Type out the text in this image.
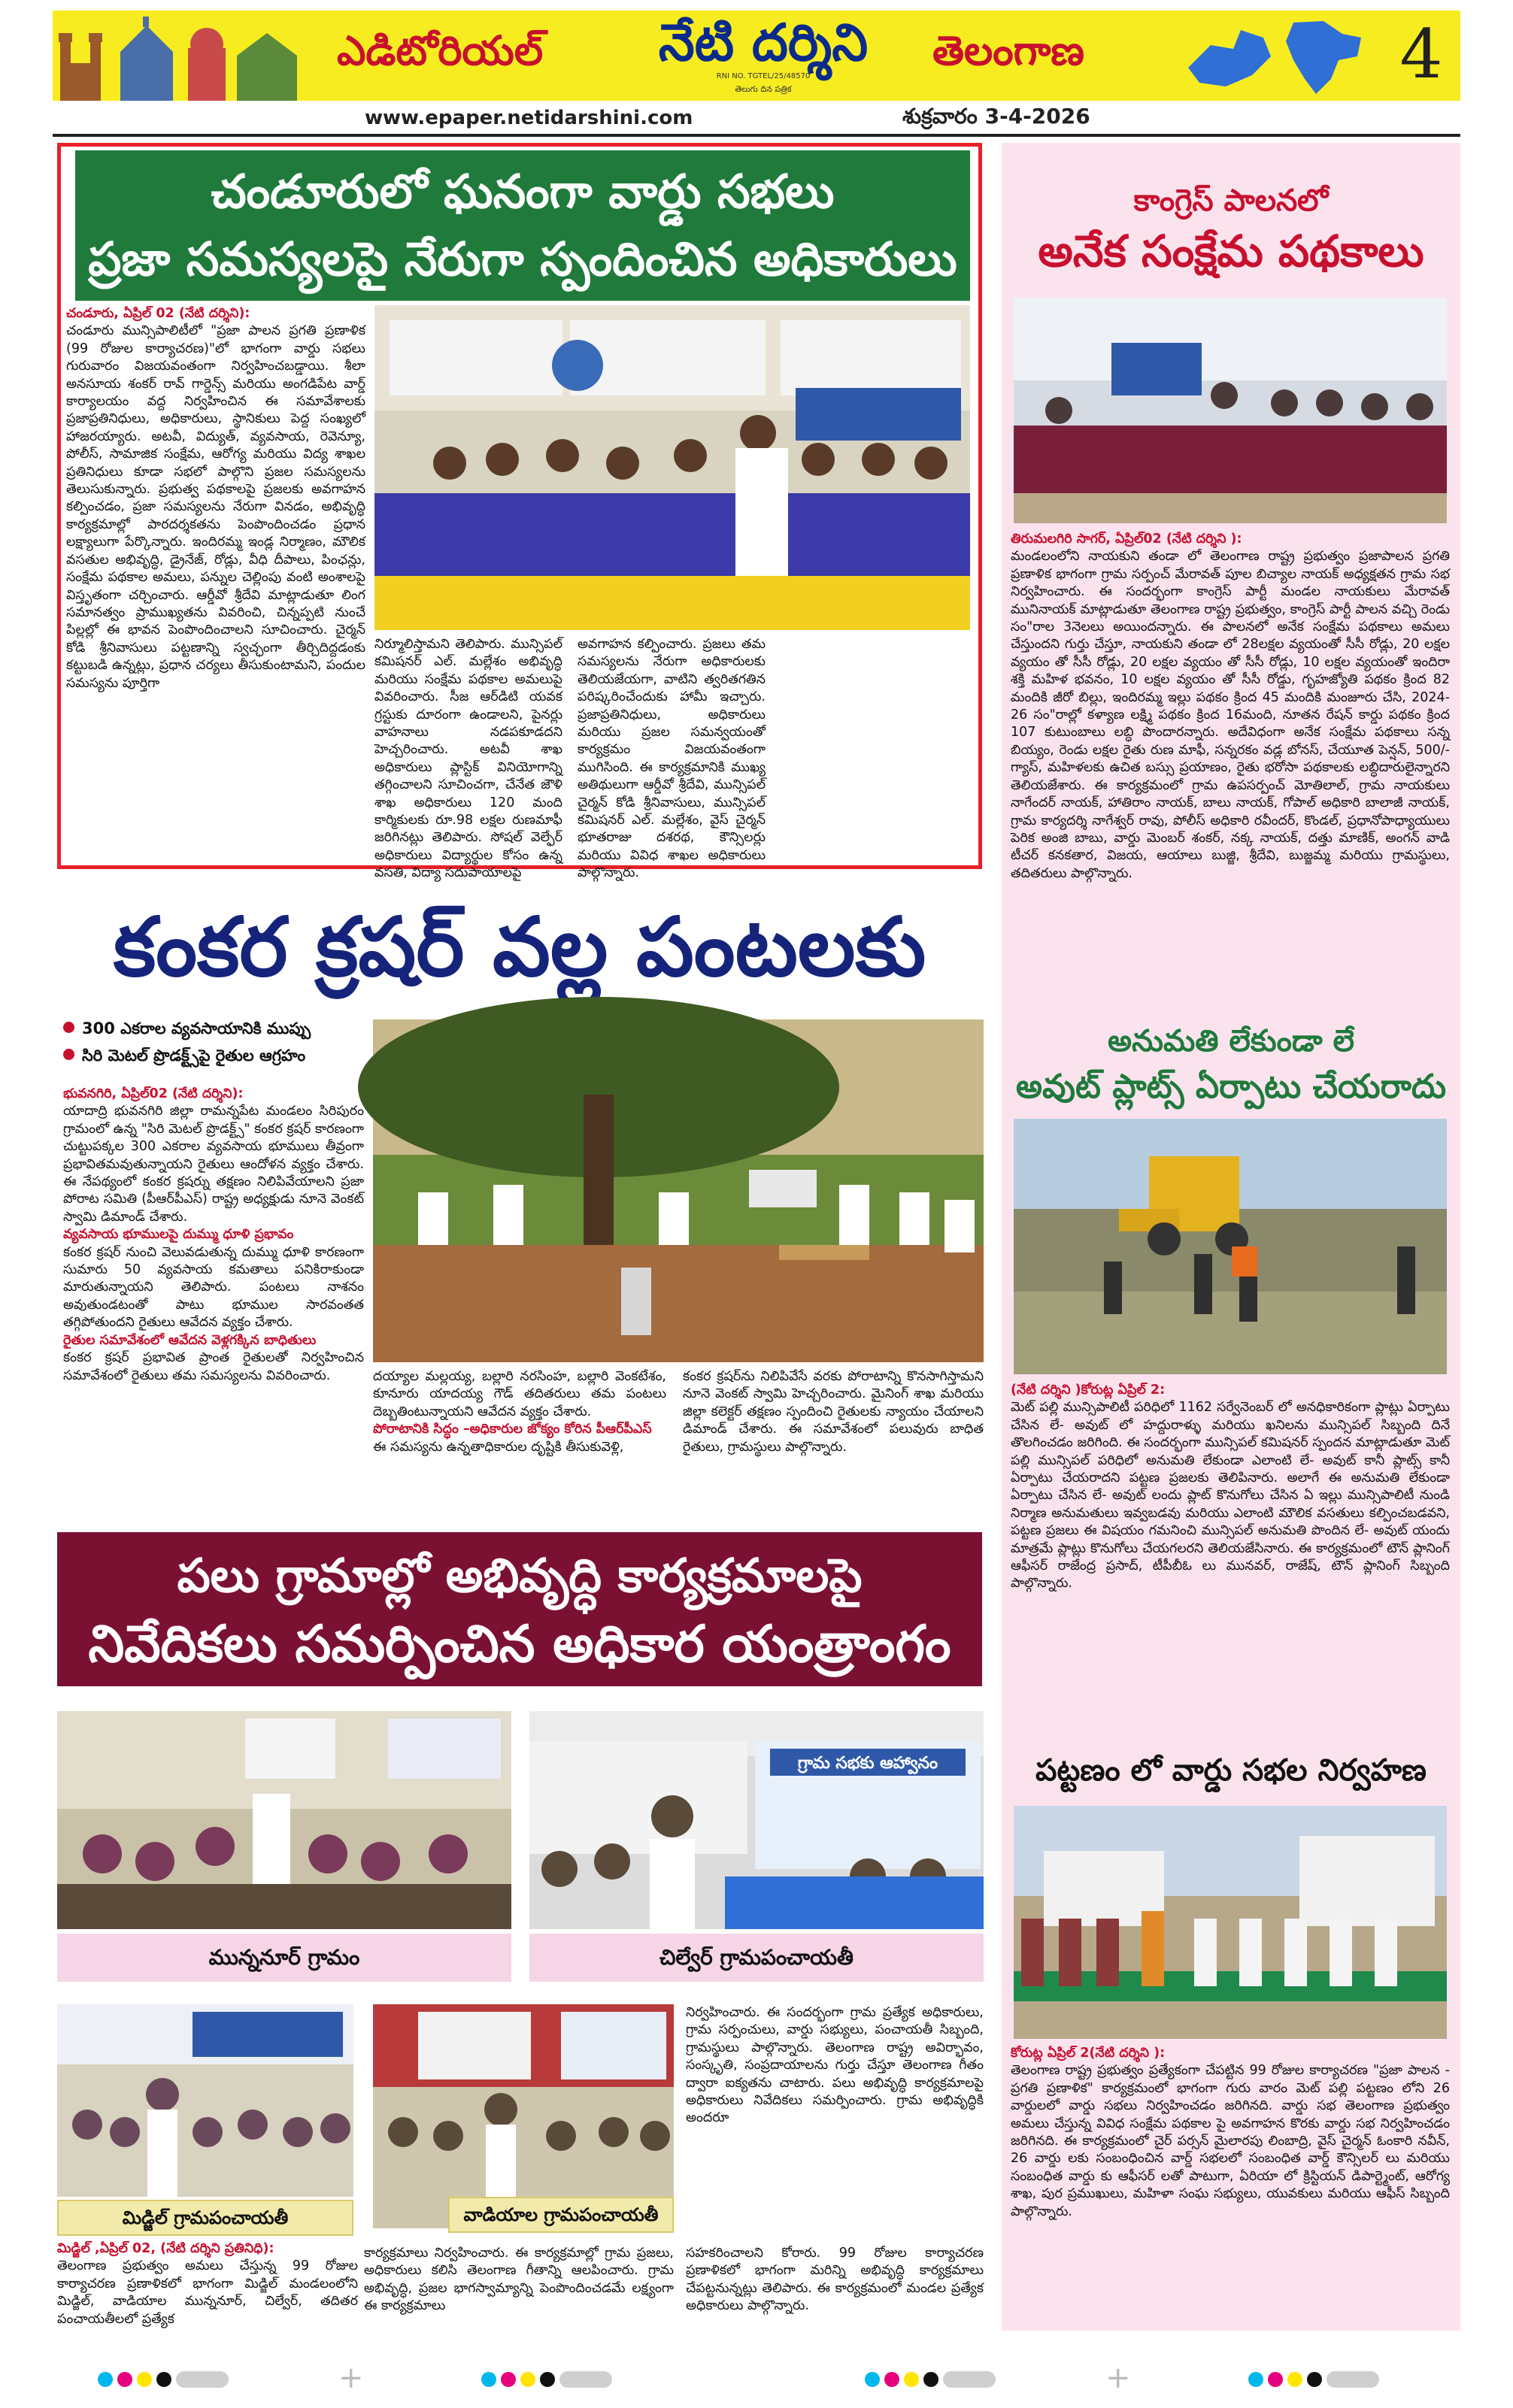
ఎడిటోరియల్	నేటి దర్శిని
RNI NO. TGTEL/25/48570
తెలుగు దిన పత్రిక
తెలంగాణ	4
www.epaper.netidarshini.com	శుక్రవారం 3-4-2026
చండూరులో ఘనంగా వార్డు సభలు
ప్రజా సమస్యలపై నేరుగా స్పందించిన అధికారులు
చండూరు, ఏప్రిల్ 02 (నేటి దర్శిని):
చండూరు మున్సిపాలిటీలో "ప్రజా పాలన ప్రగతి ప్రణాళిక (99 రోజుల కార్యాచరణ)"లో భాగంగా వార్డు సభలు గురువారం విజయవంతంగా నిర్వహించబడ్డాయి. శీలా అనసూయ శంకర్ రావ్ గార్డెన్స్ మరియు అంగడిపేట వార్డ్ కార్యాలయం వద్ద నిర్వహించిన ఈ సమావేశాలకు ప్రజాప్రతినిధులు, అధికారులు, స్థానికులు పెద్ద సంఖ్యలో హాజరయ్యారు. అటవీ, విద్యుత్, వ్యవసాయ, రెవెన్యూ, పోలీస్, సామాజిక సంక్షేమ, ఆరోగ్య మరియు విద్య శాఖల ప్రతినిధులు కూడా సభలో పాల్గొని ప్రజల సమస్యలను తెలుసుకున్నారు. ప్రభుత్వ పథకాలపై ప్రజలకు అవగాహన కల్పించడం, ప్రజా సమస్యలను నేరుగా వినడం, అభివృద్ధి కార్యక్రమాల్లో పారదర్శకతను పెంపొందించడం ప్రధాన లక్ష్యాలుగా పేర్కొన్నారు. ఇందిరమ్మ ఇండ్ల నిర్మాణం, మౌలిక వసతుల అభివృద్ధి, డ్రైనేజ్, రోడ్లు, వీధి దీపాలు, పింఛన్లు, సంక్షేమ పథకాల అమలు, పన్నుల చెల్లింపు వంటి అంశాలపై విస్తృతంగా చర్చించారు. ఆర్డీవో శ్రీదేవి మాట్లాడుతూ లింగ సమానత్వం ప్రాముఖ్యతను వివరించి, చిన్నప్పటి నుంచే పిల్లల్లో ఈ భావన పెంపొందించాలని సూచించారు. చైర్మన్ కోడి శ్రీనివాసులు పట్టణాన్ని స్వచ్ఛంగా తీర్చిదిద్దడంకు కట్టుబడి ఉన్నట్లు, ప్రధాన చర్యలు తీసుకుంటామని, పందుల సమస్యను పూర్తిగా
నిర్మూలిస్తామని తెలిపారు. మున్సిపల్ కమిషనర్ ఎల్. మల్లేశం అభివృద్ధి మరియు సంక్షేమ పథకాల అమలుపై వివరించారు. సీజ ఆర్‌డిటి యవక గ్రస్టుకు దూరంగా ఉండాలని, పైనర్లు వాహనాలు నడపకూడదని హెచ్చరించారు. అటవీ శాఖ అధికారులు ప్లాస్టిక్ వినియోగాన్ని తగ్గించాలని సూచించగా, చేనేత జౌళి శాఖ అధికారులు 120 మంది కార్మికులకు రూ.98 లక్షల రుణమాఫీ జరిగినట్లు తెలిపారు. సోషల్ వెల్ఫేర్ అధికారులు విద్యార్థుల కోసం ఉన్న వసతి, విద్యా సదుపాయాలపై
అవగాహన కల్పించారు. ప్రజలు తమ సమస్యలను నేరుగా అధికారులకు తెలియజేయగా, వాటిని త్వరితగతిన పరిష్కరించేందుకు హామీ ఇచ్చారు. ప్రజాప్రతినిధులు, అధికారులు మరియు ప్రజల సమన్వయంతో కార్యక్రమం విజయవంతంగా ముగిసింది. ఈ కార్యక్రమానికి ముఖ్య అతిథులుగా ఆర్డీవో శ్రీదేవి, మున్సిపల్ చైర్మన్ కోడి శ్రీనివాసులు, మున్సిపల్ కమిషనర్ ఎల్. మల్లేశం, వైస్ చైర్మన్ భూతరాజు దశరథ, కౌన్సిలర్లు మరియు వివిధ శాఖల అధికారులు పాల్గొన్నారు.
కంకర క్రషర్ వల్ల పంటలకు
300 ఎకరాల వ్యవసాయానికి ముప్పు
సిరి మెటల్ ప్రొడక్ట్స్‌పై రైతుల ఆగ్రహం
భువనగిరి, ఏప్రిల్02 (నేటి దర్శిని):
యాదాద్రి భువనగిరి జిల్లా రామన్నపేట మండలం సిరిపురం గ్రామంలో ఉన్న "సిరి మెటల్ ప్రొడక్ట్స్" కంకర క్రషర్ కారణంగా చుట్టుపక్కల 300 ఎకరాల వ్యవసాయ భూములు తీవ్రంగా ప్రభావితమవుతున్నాయని రైతులు ఆందోళన వ్యక్తం చేశారు. ఈ నేపథ్యంలో కంకర క్రషర్ను తక్షణం నిలిపివేయాలని ప్రజా పోరాట సమితి (పీఆర్‌పీఎస్) రాష్ట్ర అధ్యక్షుడు నూనె వెంకట్ స్వామి డిమాండ్ చేశారు.
వ్యవసాయ భూములపై దుమ్ము ధూళి ప్రభావం
కంకర క్రషర్ నుంచి వెలువడుతున్న దుమ్ము ధూళి కారణంగా సుమారు 50 వ్యవసాయ కమతాలు పనికిరాకుండా మారుతున్నాయని తెలిపారు. పంటలు నాశనం అవుతుండటంతో పాటు భూముల సారవంతత తగ్గిపోతుందని రైతులు ఆవేదన వ్యక్తం చేశారు.
రైతుల సమావేశంలో ఆవేదన వెళ్లగక్కిన బాధితులు
కంకర క్రషర్ ప్రభావిత ప్రాంత రైతులతో నిర్వహించిన సమావేశంలో రైతులు తమ సమస్యలను వివరించారు.	దయ్యాల మల్లయ్య, బల్లారి నరసింహ, బల్లారి వెంకటేశం, కూనూరు యాదయ్య గౌడ్ తదితరులు తమ పంటలు దెబ్బతింటున్నాయని ఆవేదన వ్యక్తం చేశారు.
పోరాటానికి సిద్ధం –అధికారుల జోక్యం కోరిన పీఆర్‌పీఎస్
ఈ సమస్యను ఉన్నతాధికారుల దృష్టికి తీసుకువెళ్లి,
కంకర క్రషర్‌ను నిలిపివేసే వరకు పోరాటాన్ని కొనసాగిస్తామని నూనె వెంకట్ స్వామి హెచ్చరించారు. మైనింగ్ శాఖ మరియు జిల్లా కలెక్టర్ తక్షణం స్పందించి రైతులకు న్యాయం చేయాలని డిమాండ్ చేశారు. ఈ సమావేశంలో పలువురు బాధిత రైతులు, గ్రామస్థులు పాల్గొన్నారు.
పలు గ్రామాల్లో అభివృద్ధి కార్యక్రమాలపై
నివేదికలు సమర్పించిన అధికార యంత్రాంగం
మున్ననూర్ గ్రామం
గ్రామ సభకు ఆహ్వానం
చిల్వేర్ గ్రామపంచాయతీ
మిడ్జిల్ గ్రామపంచాయతీ	వాడియాల గ్రామపంచాయతీ
మిడ్జిల్ ,ఏప్రిల్ 02, (నేటి దర్శిని ప్రతినిధి):
తెలంగాణ ప్రభుత్వం అమలు చేస్తున్న 99 రోజుల కార్యాచరణ ప్రణాళికలో భాగంగా మిడ్జిల్ మండలంలోని మిడ్జిల్, వాడియాల మున్ననూర్, చిల్వేర్, తదితర పంచాయతీలలో ప్రత్యేక
కార్యక్రమాలు నిర్వహించారు. ఈ కార్యక్రమాల్లో గ్రామ ప్రజలు, అధికారులు కలిసి తెలంగాణ గీతాన్ని ఆలపించారు. గ్రామ అభివృద్ధి, ప్రజల భాగస్వామ్యాన్ని పెంపొందించడమే లక్ష్యంగా ఈ కార్యక్రమాలు
నిర్వహించారు. ఈ సందర్భంగా గ్రామ ప్రత్యేక అధికారులు, గ్రామ సర్పంచులు, వార్డు సభ్యులు, పంచాయతీ సిబ్బంది, గ్రామస్థులు పాల్గొన్నారు. తెలంగాణ రాష్ట్ర అవిర్భావం, సంస్కృతి, సంప్రదాయాలను గుర్తు చేస్తూ తెలంగాణ గీతం ద్వారా ఐక్యతను చాటారు. పలు అభివృద్ధి కార్యక్రమాలపై అధికారులు నివేదికలు సమర్పించారు. గ్రామ అభివృద్ధికి అందరూ
సహకరించాలని కోరారు. 99 రోజుల కార్యాచరణ ప్రణాళికలో భాగంగా మరిన్ని అభివృద్ధి కార్యక్రమాలు చేపట్టనున్నట్లు తెలిపారు. ఈ కార్యక్రమంలో మండల ప్రత్యేక అధికారులు పాల్గొన్నారు.
కాంగ్రెస్ పాలనలో
అనేక సంక్షేమ పథకాలు
తిరుమలగిరి సాగర్, ఏప్రిల్02 (నేటి దర్శిని ):
మండలంలోని నాయకుని తండా లో తెలంగాణ రాష్ట్ర ప్రభుత్వం ప్రజాపాలన ప్రగతి ప్రణాళిక భాగంగా గ్రామ సర్పంచ్ మేరావత్ పూల బిచ్యాల నాయక్ అధ్యక్షతన గ్రామ సభ నిర్వహించారు. ఈ సందర్భంగా కాంగ్రెస్ పార్టీ మండల నాయకులు మేరావత్ మునినాయక్ మాట్లాడుతూ తెలంగాణ రాష్ట్ర ప్రభుత్వం, కాంగ్రెస్ పార్టీ పాలన వచ్చి రెండు సం"రాల 3నెలలు అయిందన్నారు. ఈ పాలనలో అనేక సంక్షేమ పథకాలు అమలు చేస్తుందని గుర్తు చేస్తూ, నాయకుని తండా లో 28లక్షల వ్యయంతో సీసీ రోడ్లు, 20 లక్షల వ్యయం తో సీసీ రోడ్లు, 20 లక్షల వ్యయం తో సీసీ రోడ్లు, 10 లక్షల వ్యయంతో ఇందిరా శక్తి మహిళ భవనం, 10 లక్షల వ్యయం తో సీసీ రోడ్డు, గృహజ్యోతి పథకం క్రింద 82 మందికి జీరో బిల్లు, ఇందిరమ్మ ఇల్లు పథకం క్రింద 45 మందికి మంజూరు చేసి, 2024-26 సం"రాల్లో కళ్యాణ లక్ష్మి పథకం క్రింద 16మంది, నూతన రేషన్ కార్డు పథకం క్రింద 107 కుటుంబాలు లబ్ధి పొందారన్నారు. అదేవిధంగా అనేక సంక్షేమ పథకాలు సన్న బియ్యం, రెండు లక్షల రైతు రుణ మాఫీ, సన్నరకం వడ్ల బోనస్, చేయూత పెన్షన్, 500/-గ్యాస్, మహిళలకు ఉచిత బస్సు ప్రయాణం, రైతు భరోసా పథకాలకు లబ్ధిదారులైన్నారని తెలియజేశారు. ఈ కార్యక్రమంలో గ్రామ ఉపసర్పంచ్ మోతిలాల్, గ్రామ నాయకులు నాగేందర్ నాయక్, హాతిరాం నాయక్, బాలు నాయక్, గోపాల్ అధికారి బాలాజీ నాయక్, గ్రామ కార్యదర్శి నాగేశ్వర్ రావు, పోలీస్ అధికారి రవీందర్, కొండల్, ప్రధానోపాధ్యాయులు పెరిక అంజి బాబు, వార్డు మెంబర్ శంకర్, నక్క నాయక్, దత్తు మాణిక్, అంగన్ వాడి టీచర్ కనకతార, విజయ, ఆయాలు బుజ్జి, శ్రీదేవి, బుజ్జమ్మ మరియు గ్రామస్థులు, తదితరులు పాల్గొన్నారు.
అనుమతి లేకుండా లే
అవుట్ ప్లాట్స్ ఏర్పాటు చేయరాదు
(నేటి దర్శిని )కోరుట్ల ఏప్రిల్ 2:
మెట్ పల్లి మున్సిపాలిటీ ప‌రిధిలో 1162 సర్వేనెంబర్ లో అనధికారికంగా ప్లాట్లు ఏర్పాటు చేసిన లే- అవుట్ లో హద్దురాళ్ళు మరియు ఖనిలను మున్సిపల్ సిబ్బంది దినే తొలగించడం జరిగింది. ఈ సందర్భంగా మున్సిపల్ కమిషనర్ స్పందన మాట్లాడుతూ మెట్ పల్లి మున్సిపల్ పరిధిలో అనుమతి లేకుండా ఎలాంటి లే- అవుట్ కానీ ప్లాట్స్ కానీ ఏర్పాటు చేయరాదని పట్టణ ప్రజలకు తెలిపినారు. అలాగే ఈ అనుమతి లేకుండా ఏర్పాటు చేసిన లే- అవుట్ లందు ప్లాట్ కొనుగోలు చేసిన ఏ ఇల్లు మున్సిపాలిటీ నుండి నిర్మాణ అనుమతులు ఇవ్వబడవు మరియు ఎలాంటి మౌలిక వసతులు కల్పించబడవని, పట్టణ ప్రజలు ఈ విషయం గమనించి మున్సిపల్ అనుమతి పొందిన లే- అవుట్ యందు మాత్రమే ప్లాట్లు కొనుగోలు చేయగలరని తెలియజేసినారు. ఈ కార్యక్రమంలో టౌన్ ప్లానింగ్ ఆఫీసర్ రాజేంద్ర ప్రసాద్, టీపీబీఓ లు మునవర్, రాజేష్, టౌన్ ప్లానింగ్ సిబ్బంది పాల్గొన్నారు.
పట్టణం లో వార్డు సభల నిర్వహణ
కోరుట్ల ఏప్రిల్ 2(నేటి దర్శిని ):
తెలంగాణ రాష్ట్ర ప్రభుత్వం ప్రత్యేకంగా చేపట్టిన 99 రోజుల కార్యాచరణ "ప్రజా పాలన - ప్రగతి ప్రణాళిక" కార్యక్రమంలో భాగంగా గురు వారం మెట్ పల్లి పట్టణం లోని 26 వార్డులలో వార్డు సభలు నిర్వహించడం జరిగినది. వార్డు సభ తెలంగాణ ప్రభుత్వం అమలు చేస్తున్న వివిధ సంక్షేమ పథకాల పై అవగాహన కొరకు వార్డు సభ నిర్వహించడం జరిగినది. ఈ కార్యక్రమంలో చైర్ పర్సన్ మైలారపు లింబాద్రి, వైస్ చైర్మన్ ఓంకారి నవీన్, 26 వార్డు లకు సంబంధించిన వార్డ్ సభలలో సంబంధిత వార్డ్ కౌన్సిలర్ లు మరియు సంబంధిత వార్డు కు ఆఫీసర్ లతో పాటుగా, ఏరియా లో క్రిస్టియన్ డిపార్ట్మెంట్, ఆరోగ్య శాఖ, పుర ప్రముఖులు, మహిళా సంఘ సభ్యులు, యువకులు మరియు ఆఫీస్ సిబ్బంది పాల్గొన్నారు.
+	+
